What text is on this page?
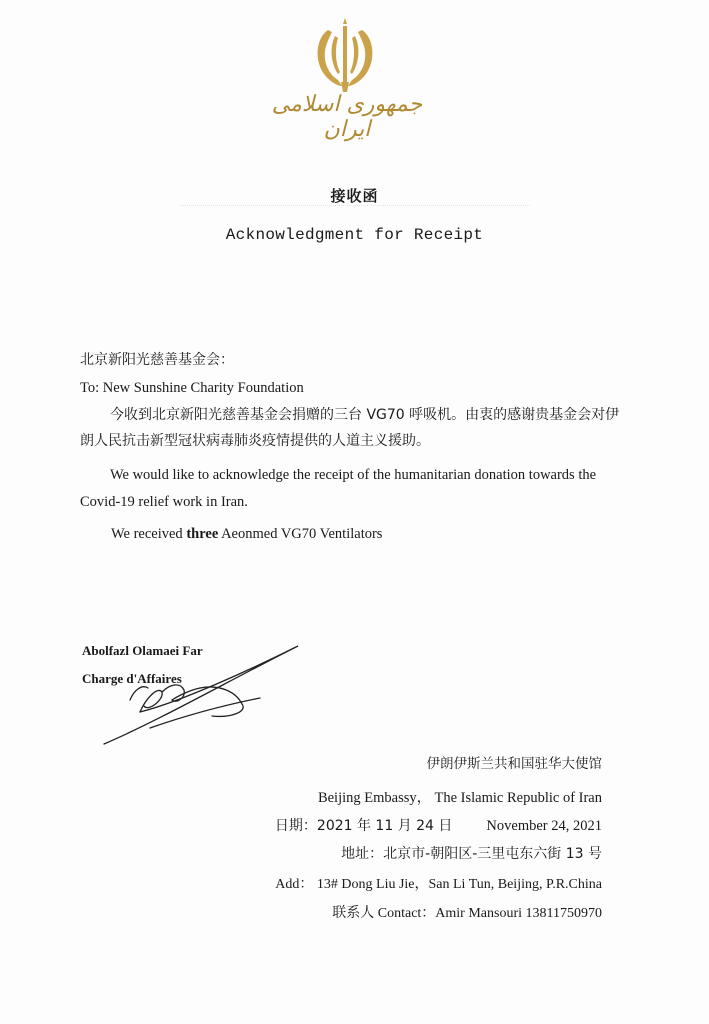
جمهوری اسلامی ایران
接收函
Acknowledgment for Receipt
北京新阳光慈善基金会：
To: New Sunshine Charity Foundation
今收到北京新阳光慈善基金会捐赠的三台 VG70 呼吸机。由衷的感谢贵基金会对伊朗人民抗击新型冠状病毒肺炎疫情提供的人道主义援助。
We would like to acknowledge the receipt of the humanitarian donation towards the Covid-19 relief work in Iran.
We received three Aeonmed VG70 Ventilators
Abolfazl Olamaei Far
Charge d'Affaires
伊朗伊斯兰共和国驻华大使馆
Beijing Embassy， The Islamic Republic of Iran
日期：2021 年 11 月 24 日 November 24, 2021
地址：北京市-朝阳区-三里屯东六街 13 号
Add： 13# Dong Liu Jie，San Li Tun, Beijing, P.R.China
联系人 Contact：Amir Mansouri 13811750970
